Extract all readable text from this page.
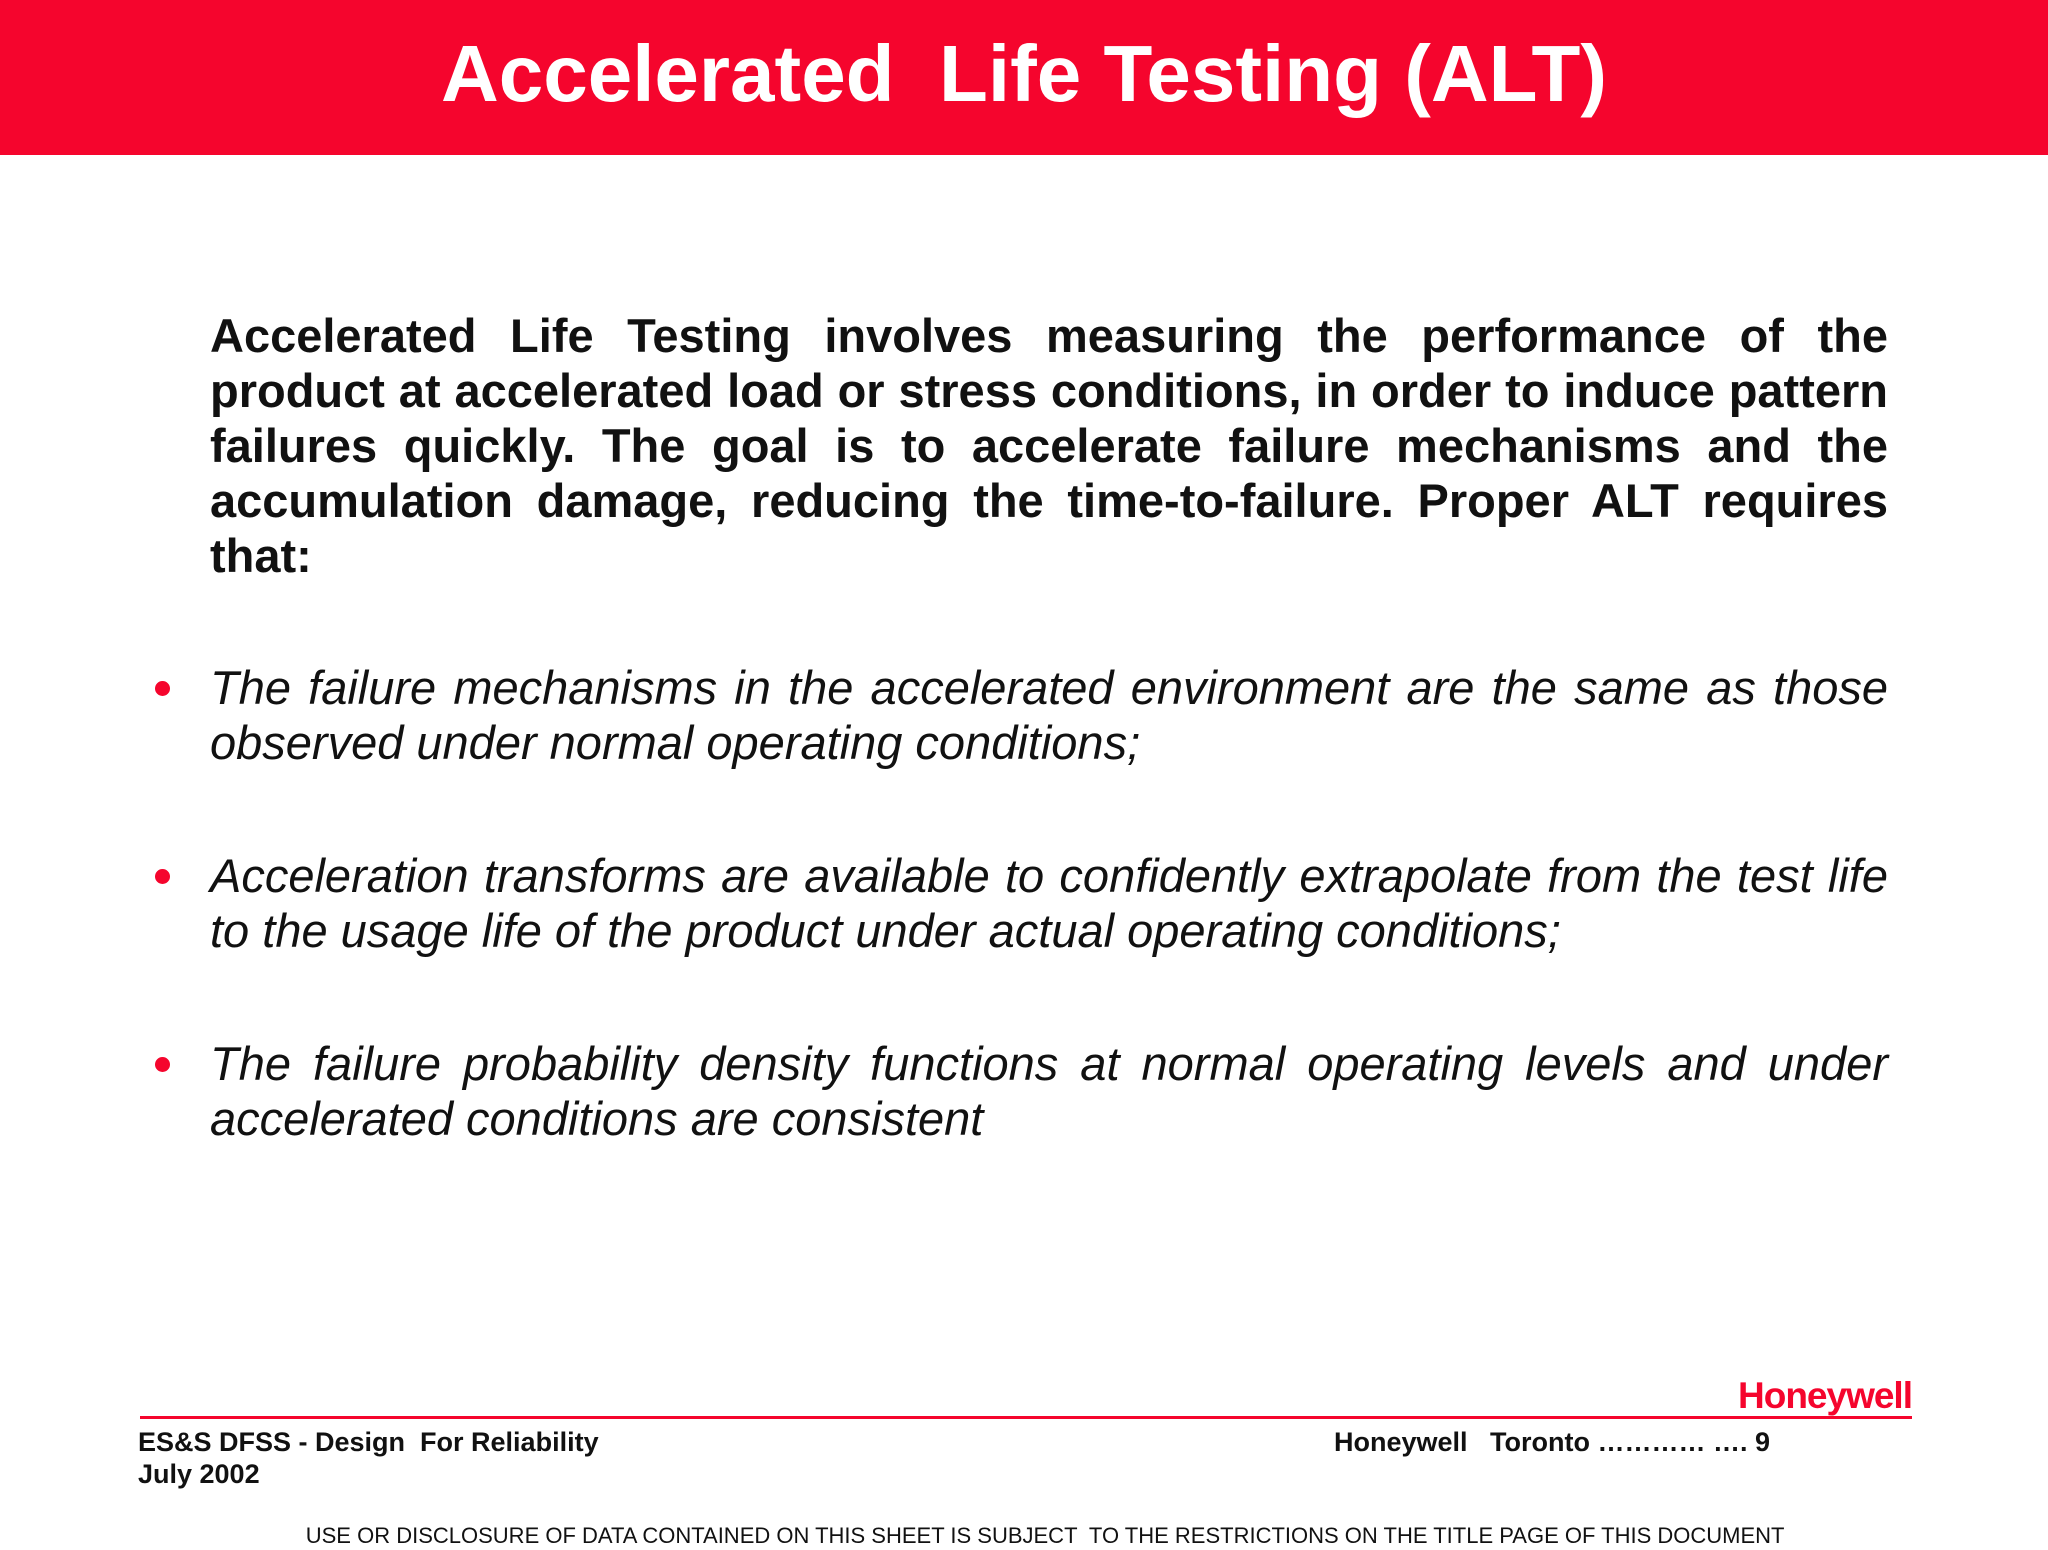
Accelerated  Life Testing (ALT)

Accelerated Life Testing involves measuring the performance of the product at accelerated load or stress conditions, in order to induce pattern failures quickly. The goal is to accelerate failure mechanisms and the accumulation damage, reducing the time-to-failure. Proper ALT requires that:

The failure mechanisms in the accelerated environment are the same as those observed under normal operating conditions;
Acceleration transforms are available to confidently extrapolate from the test life to the usage life of the product under actual operating conditions;
The failure probability density functions at normal operating levels and under accelerated conditions are consistent
Honeywell
ES&S DFSS - Design  For Reliability
July 2002
Honeywell   Toronto ………… …. 9

USE OR DISCLOSURE OF DATA CONTAINED ON THIS SHEET IS SUBJECT  TO THE RESTRICTIONS ON THE TITLE PAGE OF THIS DOCUMENT
